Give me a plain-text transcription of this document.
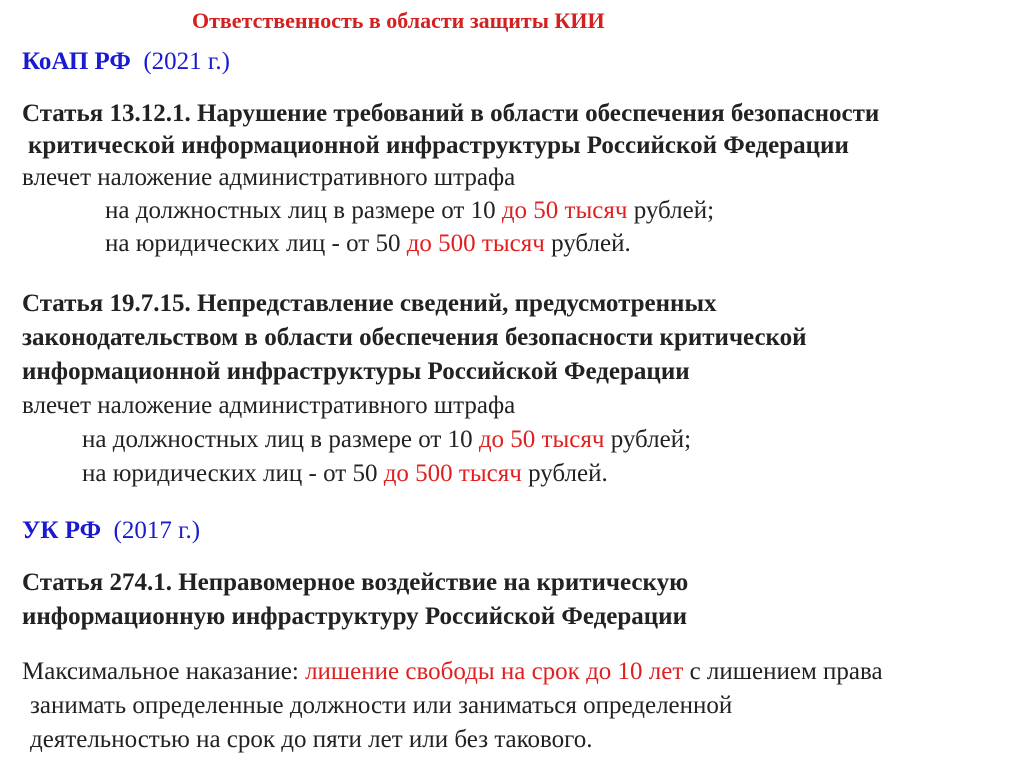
Ответственность в области защиты КИИ
КоАП РФ (2021 г.)
Статья 13.12.1. Нарушение требований в области обеспечения безопасности
критической информационной инфраструктуры Российской Федерации
влечет наложение административного штрафа
на должностных лиц в размере от 10 до 50 тысяч рублей;
на юридических лиц - от 50 до 500 тысяч рублей.
Статья 19.7.15. Непредставление сведений, предусмотренных
законодательством в области обеспечения безопасности критической
информационной инфраструктуры Российской Федерации
влечет наложение административного штрафа
на должностных лиц в размере от 10 до 50 тысяч рублей;
на юридических лиц - от 50 до 500 тысяч рублей.
УК РФ (2017 г.)
Статья 274.1. Неправомерное воздействие на критическую
информационную инфраструктуру Российской Федерации
Максимальное наказание: лишение свободы на срок до 10 лет с лишением права
занимать определенные должности или заниматься определенной
деятельностью на срок до пяти лет или без такового.
